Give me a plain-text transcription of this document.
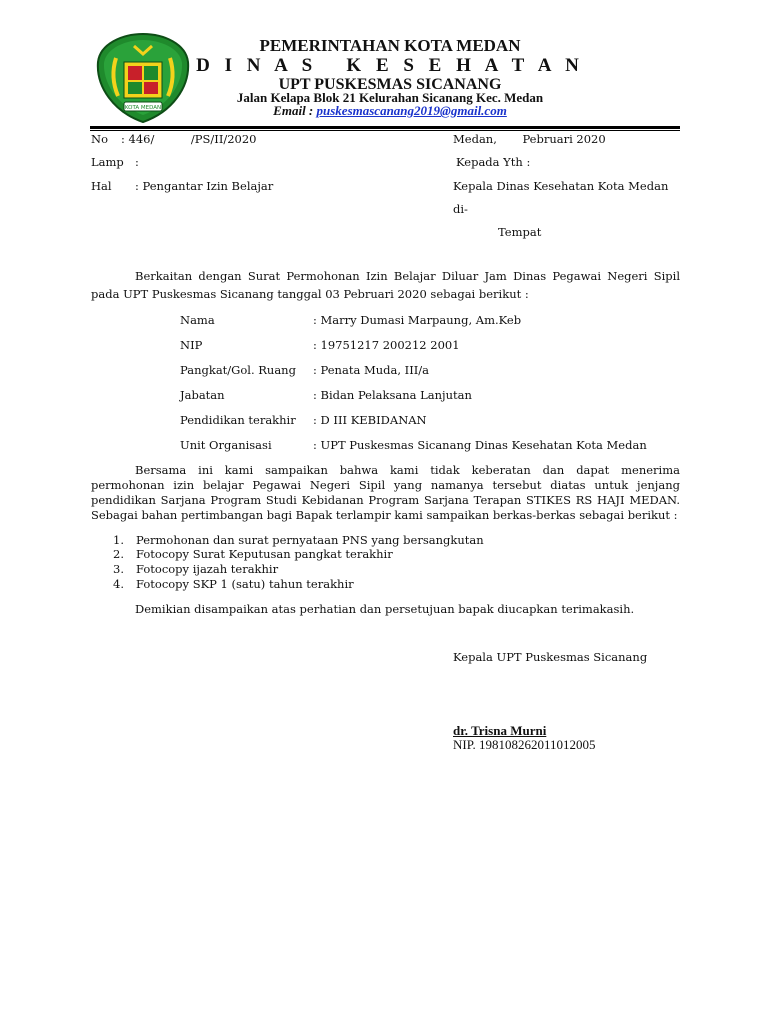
KOTA MEDAN
PEMERINTAHAN KOTA MEDAN
D I N A S   K E S E H A T A N
UPT PUSKESMAS SICANANG
Jalan Kelapa Blok 21 Kelurahan Sicanang Kec. Medan
Email : puskesmascanang2019@gmail.com
No : 446/          /PS/II/2020
Lamp :
Hal : Pengantar Izin Belajar
Medan,       Pebruari 2020
Kepada Yth :
Kepala Dinas Kesehatan Kota Medan
di-
Tempat
Berkaitan dengan Surat Permohonan Izin Belajar Diluar Jam Dinas Pegawai Negeri Sipil
pada UPT Puskesmas Sicanang tanggal 03 Pebruari 2020 sebagai berikut :
Nama	: Marry Dumasi Marpaung, Am.Keb
NIP	: 19751217 200212 2001
Pangkat/Gol. Ruang : Penata Muda, III/a
Jabatan	: Bidan Pelaksana Lanjutan
Pendidikan terakhir : D III KEBIDANAN
Unit Organisasi	: UPT Puskesmas Sicanang Dinas Kesehatan Kota Medan
Bersama ini kami sampaikan bahwa kami tidak keberatan dan dapat menerima
permohonan izin belajar Pegawai Negeri Sipil yang namanya tersebut diatas untuk jenjang
pendidikan Sarjana Program Studi Kebidanan Program Sarjana Terapan STIKES RS HAJI MEDAN.
Sebagai bahan pertimbangan bagi Bapak terlampir kami sampaikan berkas-berkas sebagai berikut :
1. Permohonan dan surat pernyataan PNS yang bersangkutan
2. Fotocopy Surat Keputusan pangkat terakhir
3. Fotocopy ijazah terakhir
4. Fotocopy SKP 1 (satu) tahun terakhir
Demikian disampaikan atas perhatian dan persetujuan bapak diucapkan terimakasih.
Kepala UPT Puskesmas Sicanang
dr. Trisna Murni
NIP. 198108262011012005
